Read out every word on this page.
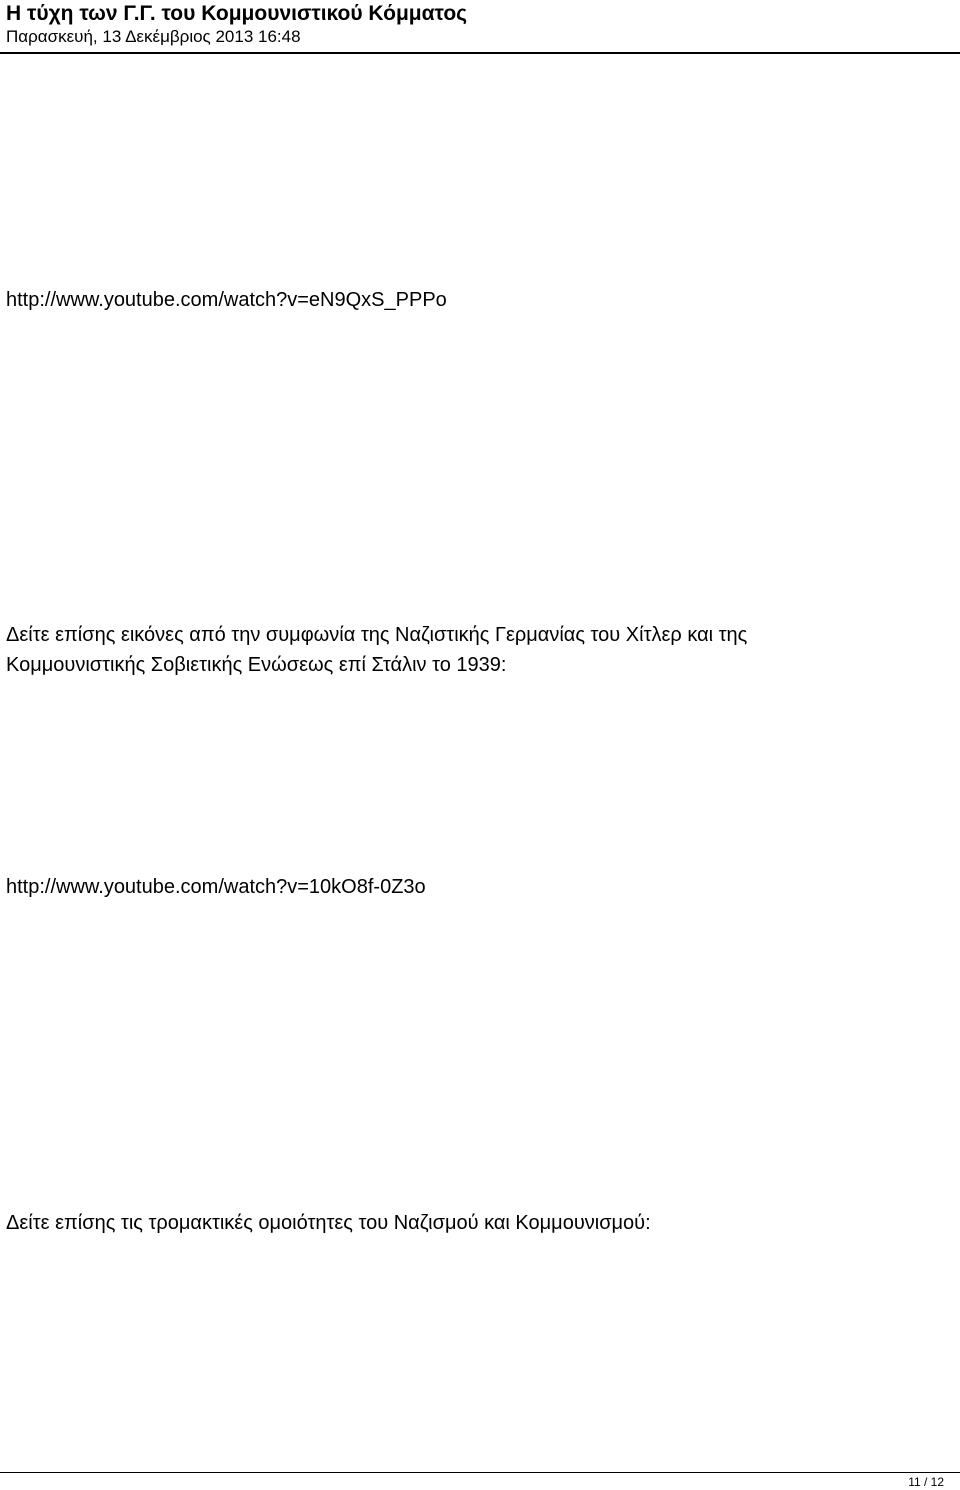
Η τύχη των Γ.Γ. του Κομμουνιστικού Κόμματος
Παρασκευή, 13 Δεκέμβριος 2013 16:48
http://www.youtube.com/watch?v=eN9QxS_PPPo
Δείτε επίσης εικόνες από την συμφωνία της Ναζιστικής Γερμανίας του Χίτλερ και της
Κομμουνιστικής Σοβιετικής Ενώσεως επί Στάλιν το 1939:
http://www.youtube.com/watch?v=10kO8f-0Z3o
Δείτε επίσης τις τρομακτικές ομοιότητες του Ναζισμού και Κομμουνισμού:
11 / 12
